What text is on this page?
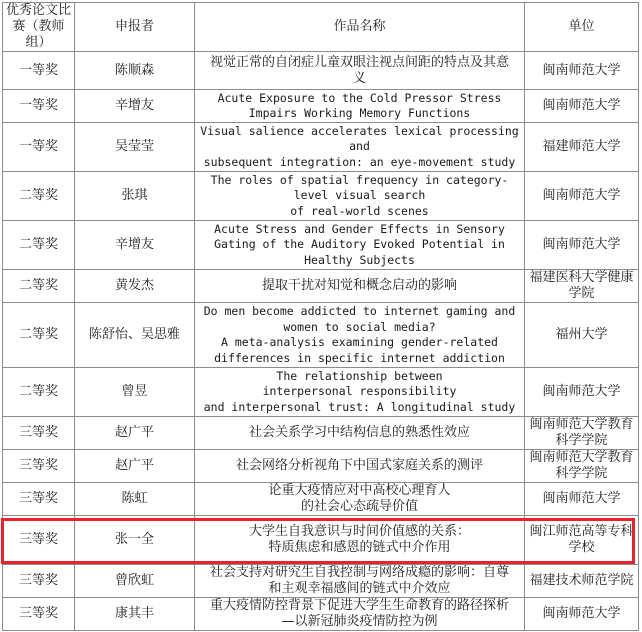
优秀论文比赛（教师组）	申报者	作品名称	单位
一等奖	陈顺森	视觉正常的自闭症儿童双眼注视点间距的特点及其意
义	闽南师范大学
一等奖	辛增友	Acute Exposure to the Cold Pressor Stress
Impairs Working Memory Functions	闽南师范大学
一等奖	吴莹莹	Visual salience accelerates lexical processing
and
subsequent integration: an eye-movement study	福建师范大学
二等奖	张琪	The roles of spatial frequency in category-
level visual search
of real-world scenes	闽南师范大学
二等奖	辛增友	Acute Stress and Gender Effects in Sensory
Gating of the Auditory Evoked Potential in
Healthy Subjects	闽南师范大学
二等奖	黄发杰	提取干扰对知觉和概念启动的影响	福建医科大学健康学院
二等奖	陈舒怡、吴思雅	Do men become addicted to internet gaming and
women to social media?
A meta-analysis examining gender-related
differences in specific internet addiction	福州大学
二等奖	曾昱	The relationship between
interpersonal responsibility
and interpersonal trust: A longitudinal study	闽南师范大学
三等奖	赵广平	社会关系学习中结构信息的熟悉性效应	闽南师范大学教育科学学院
三等奖	赵广平	社会网络分析视角下中国式家庭关系的测评	闽南师范大学教育科学学院
三等奖	陈虹	论重大疫情应对中高校心理育人
的社会心态疏导价值	闽南师范大学
三等奖	张一全	大学生自我意识与时间价值感的关系：
特质焦虑和感恩的链式中介作用	闽江师范高等专科学校
三等奖	曾欣虹	社会支持对研究生自我控制与网络成瘾的影响：自尊
和主观幸福感间的链式中介效应	福建技术师范学院
三等奖	康其丰	重大疫情防控背景下促进大学生生命教育的路径探析
—以新冠肺炎疫情防控为例	闽南师范大学
